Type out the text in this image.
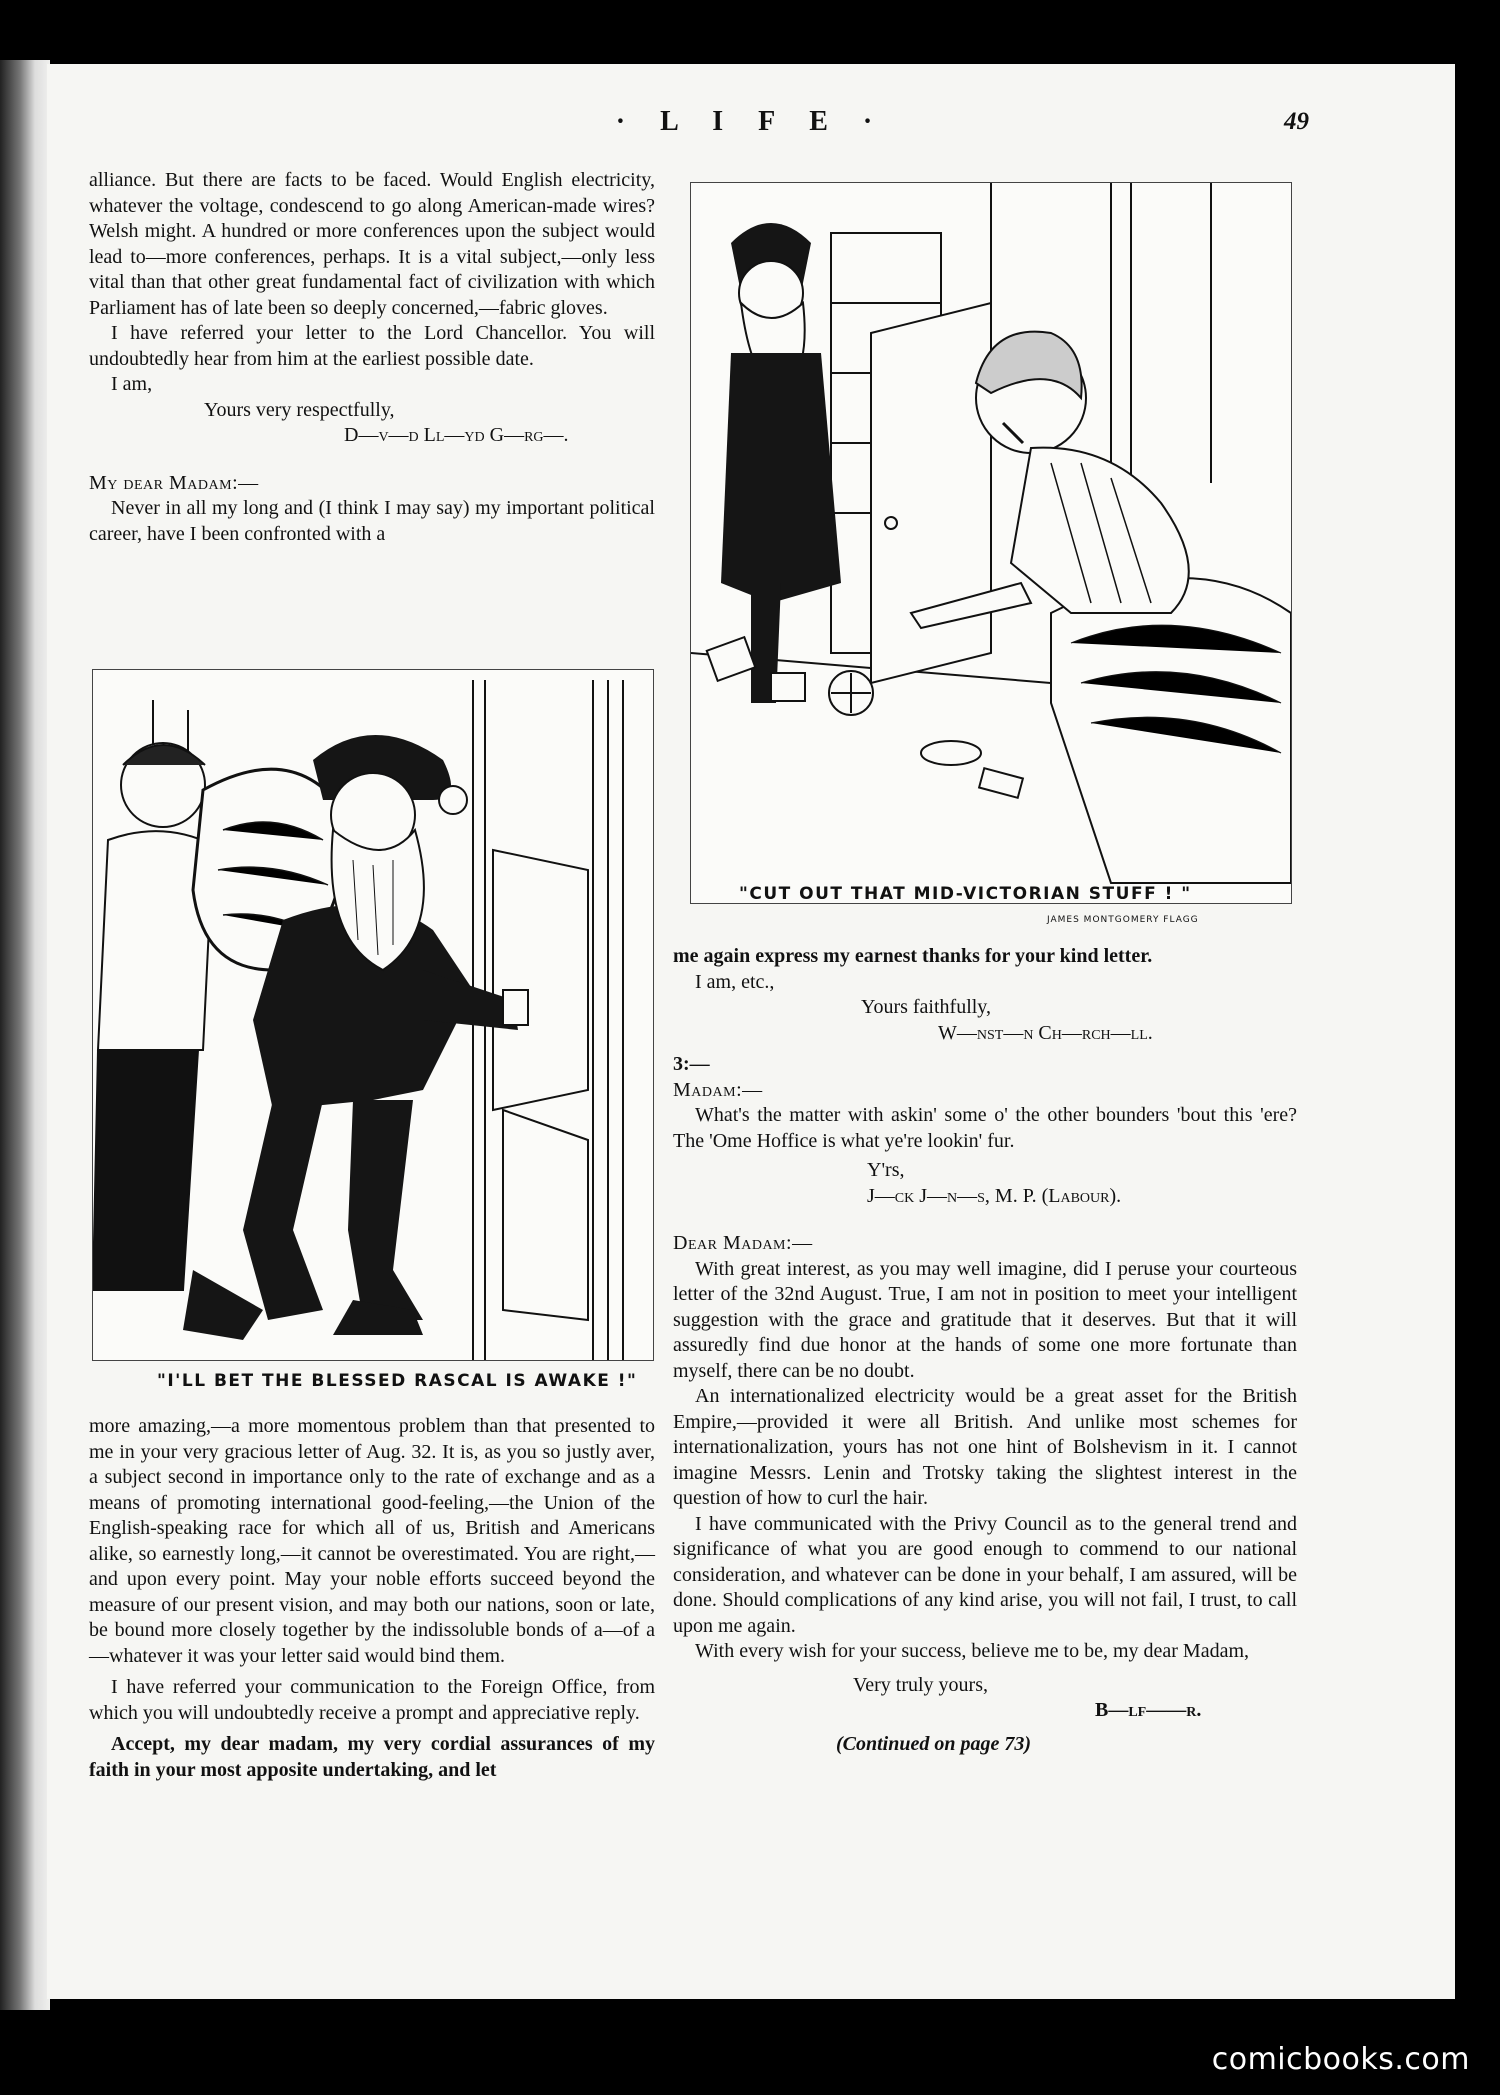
· L I F E ·	49

alliance. But there are facts to be faced. Would English electricity, whatever the voltage, condescend to go along American-made wires? Welsh might. A hundred or more conferences upon the subject would lead to—more conferences, perhaps. It is a vital subject,—only less vital than that other great fundamental fact of civilization with which Parliament has of late been so deeply concerned,—fabric gloves.

I have referred your letter to the Lord Chancellor. You will undoubtedly hear from him at the earliest possible date.

I am,

Yours very respectfully,
D—v—d Ll—yd G—rg—.
My dear Madam:—

Never in all my long and (I think I may say) my important political career, have I been confronted with a

"I'LL BET THE BLESSED RASCAL IS AWAKE !"

more amazing,—a more momentous problem than that presented to me in your very gracious letter of Aug. 32. It is, as you so justly aver, a subject second in importance only to the rate of exchange and as a means of promoting international good-feeling,—the Union of the English-speaking race for which all of us, British and Americans alike, so earnestly long,—it cannot be overestimated. You are right,—and upon every point. May your noble efforts succeed beyond the measure of our present vision, and may both our nations, soon or late, be bound more closely together by the indissoluble bonds of a—of a—whatever it was your letter said would bind them.

I have referred your communication to the Foreign Office, from which you will undoubtedly receive a prompt and appreciative reply.

Accept, my dear madam, my very cordial assurances of my faith in your most apposite undertaking, and let

"CUT OUT THAT MID-VICTORIAN STUFF ! "
JAMES MONTGOMERY FLAGG

me again express my earnest thanks for your kind letter.

I am, etc.,

Yours faithfully,
W—nst—n Ch—rch—ll.
3:—
Madam:—

What's the matter with askin' some o' the other bounders 'bout this 'ere? The 'Ome Hoffice is what ye're lookin' fur.

Y'rs,
J—ck J—n—s, M. P. (Labour).
Dear Madam:—

With great interest, as you may well imagine, did I peruse your courteous letter of the 32nd August. True, I am not in position to meet your intelligent suggestion with the grace and gratitude that it deserves. But that it will assuredly find due honor at the hands of some one more fortunate than myself, there can be no doubt.

An internationalized electricity would be a great asset for the British Empire,—provided it were all British. And unlike most schemes for internationalization, yours has not one hint of Bolshevism in it. I cannot imagine Messrs. Lenin and Trotsky taking the slightest interest in the question of how to curl the hair.

I have communicated with the Privy Council as to the general trend and significance of what you are good enough to commend to our national consideration, and whatever can be done in your behalf, I am assured, will be done. Should complications of any kind arise, you will not fail, I trust, to call upon me again.

With every wish for your success, believe me to be, my dear Madam,

Very truly yours,
B—lf——r.
(Continued on page 73)
comicbooks.com
